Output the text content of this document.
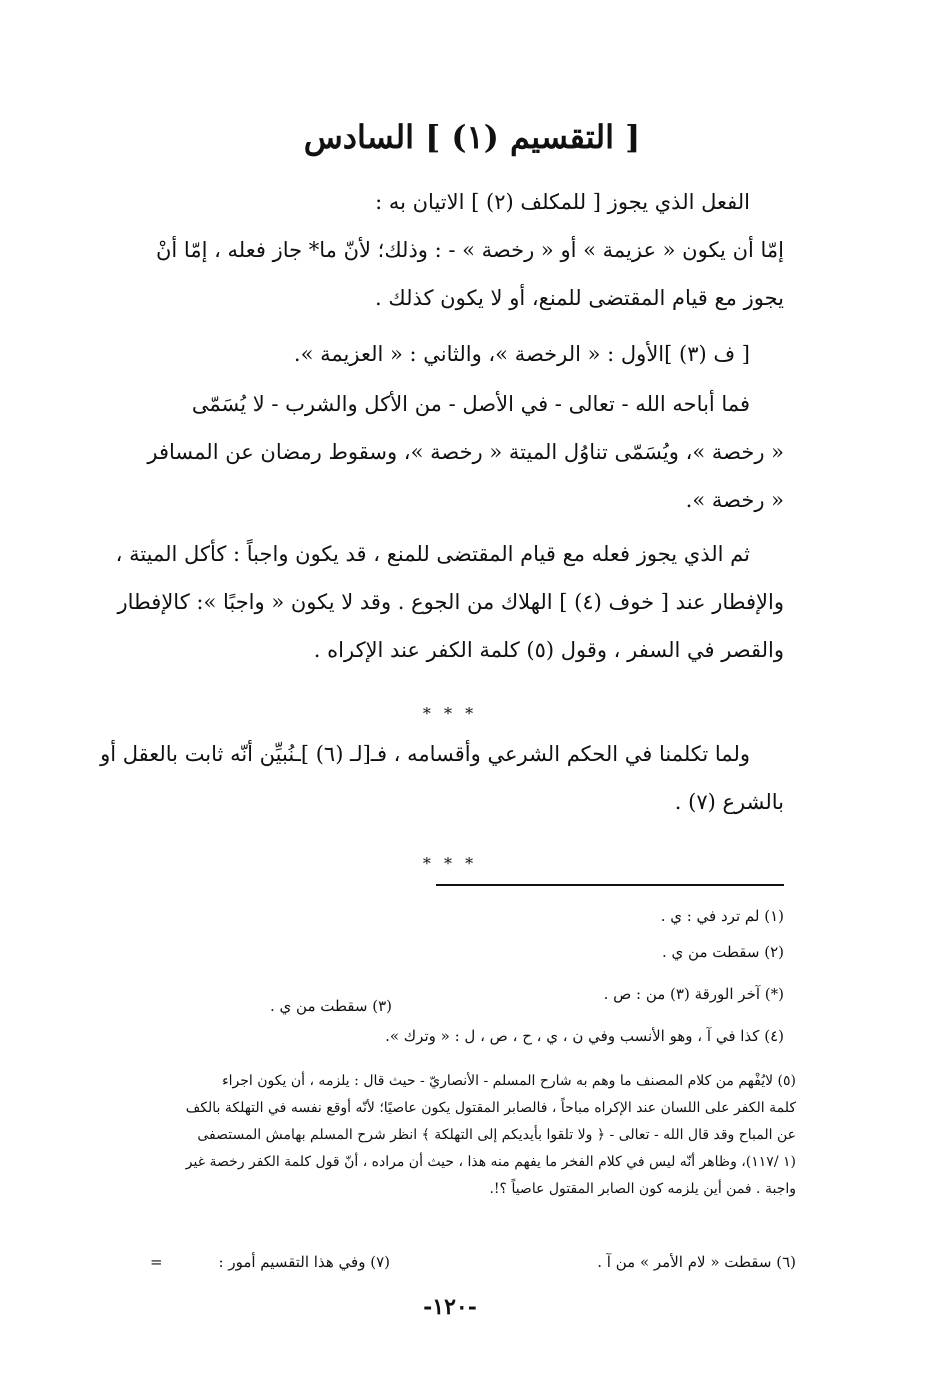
[ التقسيم (١) ] السادس
الفعل الذي يجوز [ للمكلف (٢) ] الاتيان به :
إمّا أن يكون « عزيمة » أو « رخصة » - : وذلك؛ لأنّ ما* جاز فعله ، إمّا أنْ
يجوز مع قيام المقتضى للمنع، أو لا يكون كذلك .
[ ف (٣) ]الأول : « الرخصة »، والثاني : « العزيمة ».
فما أباحه الله - تعالى - في الأصل - من الأكل والشرب - لا يُسَمّى
« رخصة »، ويُسَمّى تناوُل الميتة « رخصة »، وسقوط رمضان عن المسافر
« رخصة ».
ثم الذي يجوز فعله مع قيام المقتضى للمنع ، قد يكون واجباً : كأكل الميتة ،
والإفطار عند [ خوف (٤) ] الهلاك من الجوع . وقد لا يكون « واجبًا »: كالإفطار
والقصر في السفر ، وقول (٥) كلمة الكفر عند الإكراه .
* * *
ولما تكلمنا في الحكم الشرعي وأقسامه ، فـ[لـ (٦) ]ـنُبيِّن أنّه ثابت بالعقل أو
بالشرع (٧) .
* * *
(١) لم ترد في : ي .
(٢) سقطت من ي .
(*) آخر الورقة (٣) من : ص .
(٣) سقطت من ي .
(٤) كذا في آ ، وهو الأنسب وفي ن ، ي ، ح ، ص ، ل : « وترك ».
(٥) لايُفْهم من كلام المصنف ما وهم به شارح المسلم - الأنصاريّ - حيث قال : يلزمه ، أن يكون اجراء
كلمة الكفر على اللسان عند الإكراه مباحاً ، فالصابر المقتول يكون عاصيًا؛ لأنّه أوقع نفسه في التهلكة بالكف
عن المباح وقد قال الله - تعالى - ﴿ ولا تلقوا بأيديكم إلى التهلكة ﴾ انظر شرح المسلم بهامش المستصفى
(١ /١١٧)، وظاهر أنّه ليس في كلام الفخر ما يفهم منه هذا ، حيث أن مراده ، أنّ قول كلمة الكفر رخصة غير
واجبة . فمن أين يلزمه كون الصابر المقتول عاصياً ؟!.
(٦) سقطت « لام الأمر » من آ .
(٧) وفي هذا التقسيم أمور :
=
-١٢٠-
